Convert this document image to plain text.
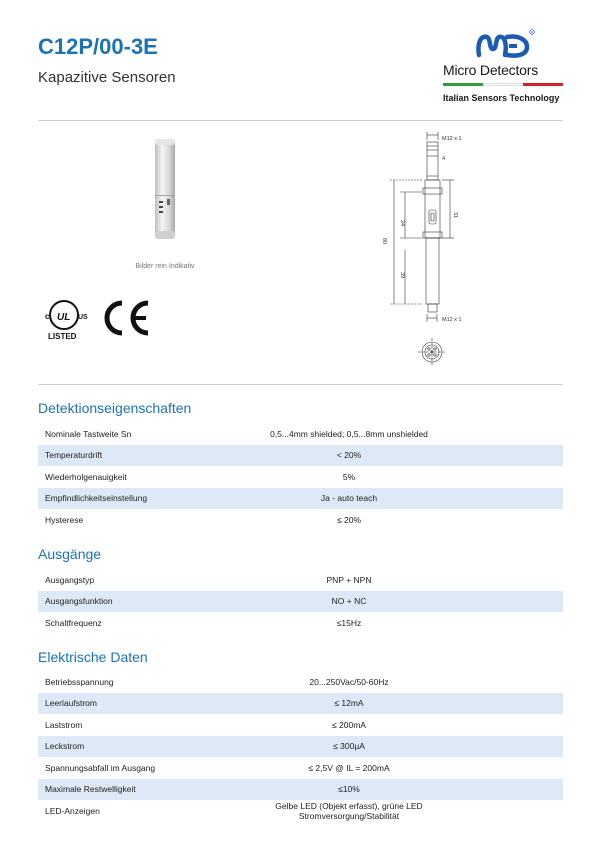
C12P/00-3E
Kapazitive Sensoren
R
Micro Detectors
Italian Sensors Technology
Bilder rein Indikativ
c UL US
LISTED
M12 x 1
4
31
24
80
39
M12 x 1
Detektionseigenschaften
Nominale Tastweite Sn	0,5...4mm shielded; 0,5...8mm unshielded
Temperaturdrift	< 20%
Wiederholgenauigkeit	5%
Empfindlichkeitseinstellung	Ja - auto teach
Hysterese	≤ 20%
Ausgänge
Ausgangstyp	PNP + NPN
Ausgangsfunktion	NO + NC
Schaltfrequenz	≤15Hz
Elektrische Daten
Betriebsspannung	20...250Vac/50-60Hz
Leerlaufstrom	≤ 12mA
Laststrom	≤ 200mA
Leckstrom	≤ 300µA
Spannungsabfall im Ausgang	≤ 2,5V @ IL = 200mA
Maximale Restwelligkeit	≤10%
LED-Anzeigen	Gelbe LED (Objekt erfasst), grüne LED Stromversorgung/Stabilität
